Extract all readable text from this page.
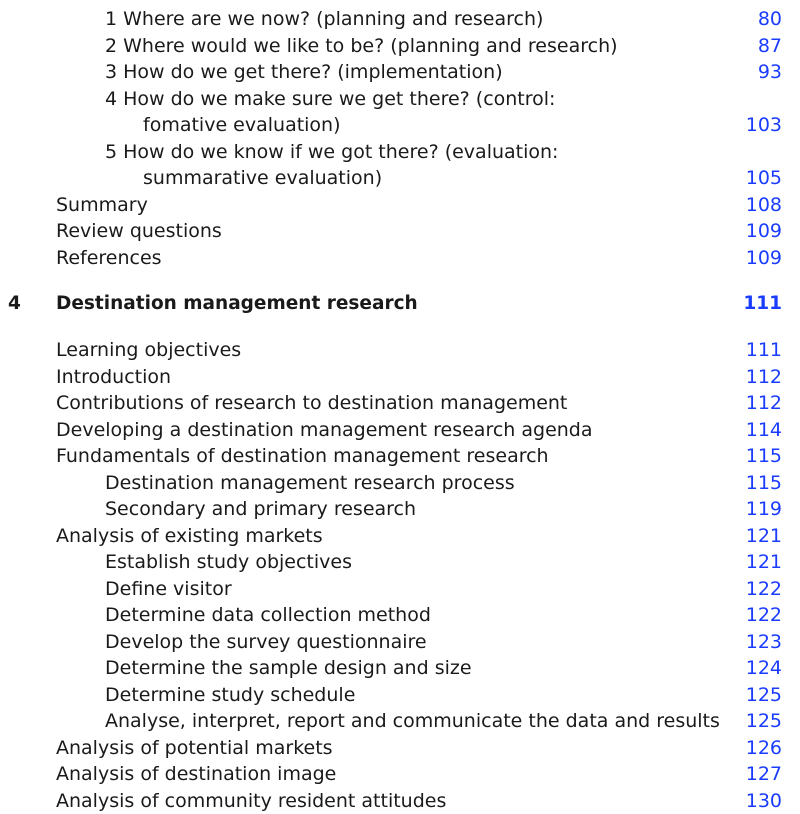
1 Where are we now? (planning and research)	80
2 Where would we like to be? (planning and research)	87
3 How do we get there? (implementation)	93
4 How do we make sure we get there? (control:
fomative evaluation)	103
5 How do we know if we got there? (evaluation:
summarative evaluation)	105
Summary	108
Review questions	109
References	109
4 Destination management research	111
Learning objectives	111
Introduction	112
Contributions of research to destination management	112
Developing a destination management research agenda	114
Fundamentals of destination management research	115
Destination management research process	115
Secondary and primary research	119
Analysis of existing markets	121
Establish study objectives	121
Define visitor	122
Determine data collection method	122
Develop the survey questionnaire	123
Determine the sample design and size	124
Determine study schedule	125
Analyse, interpret, report and communicate the data and results 125
Analysis of potential markets	126
Analysis of destination image	127
Analysis of community resident attitudes	130
